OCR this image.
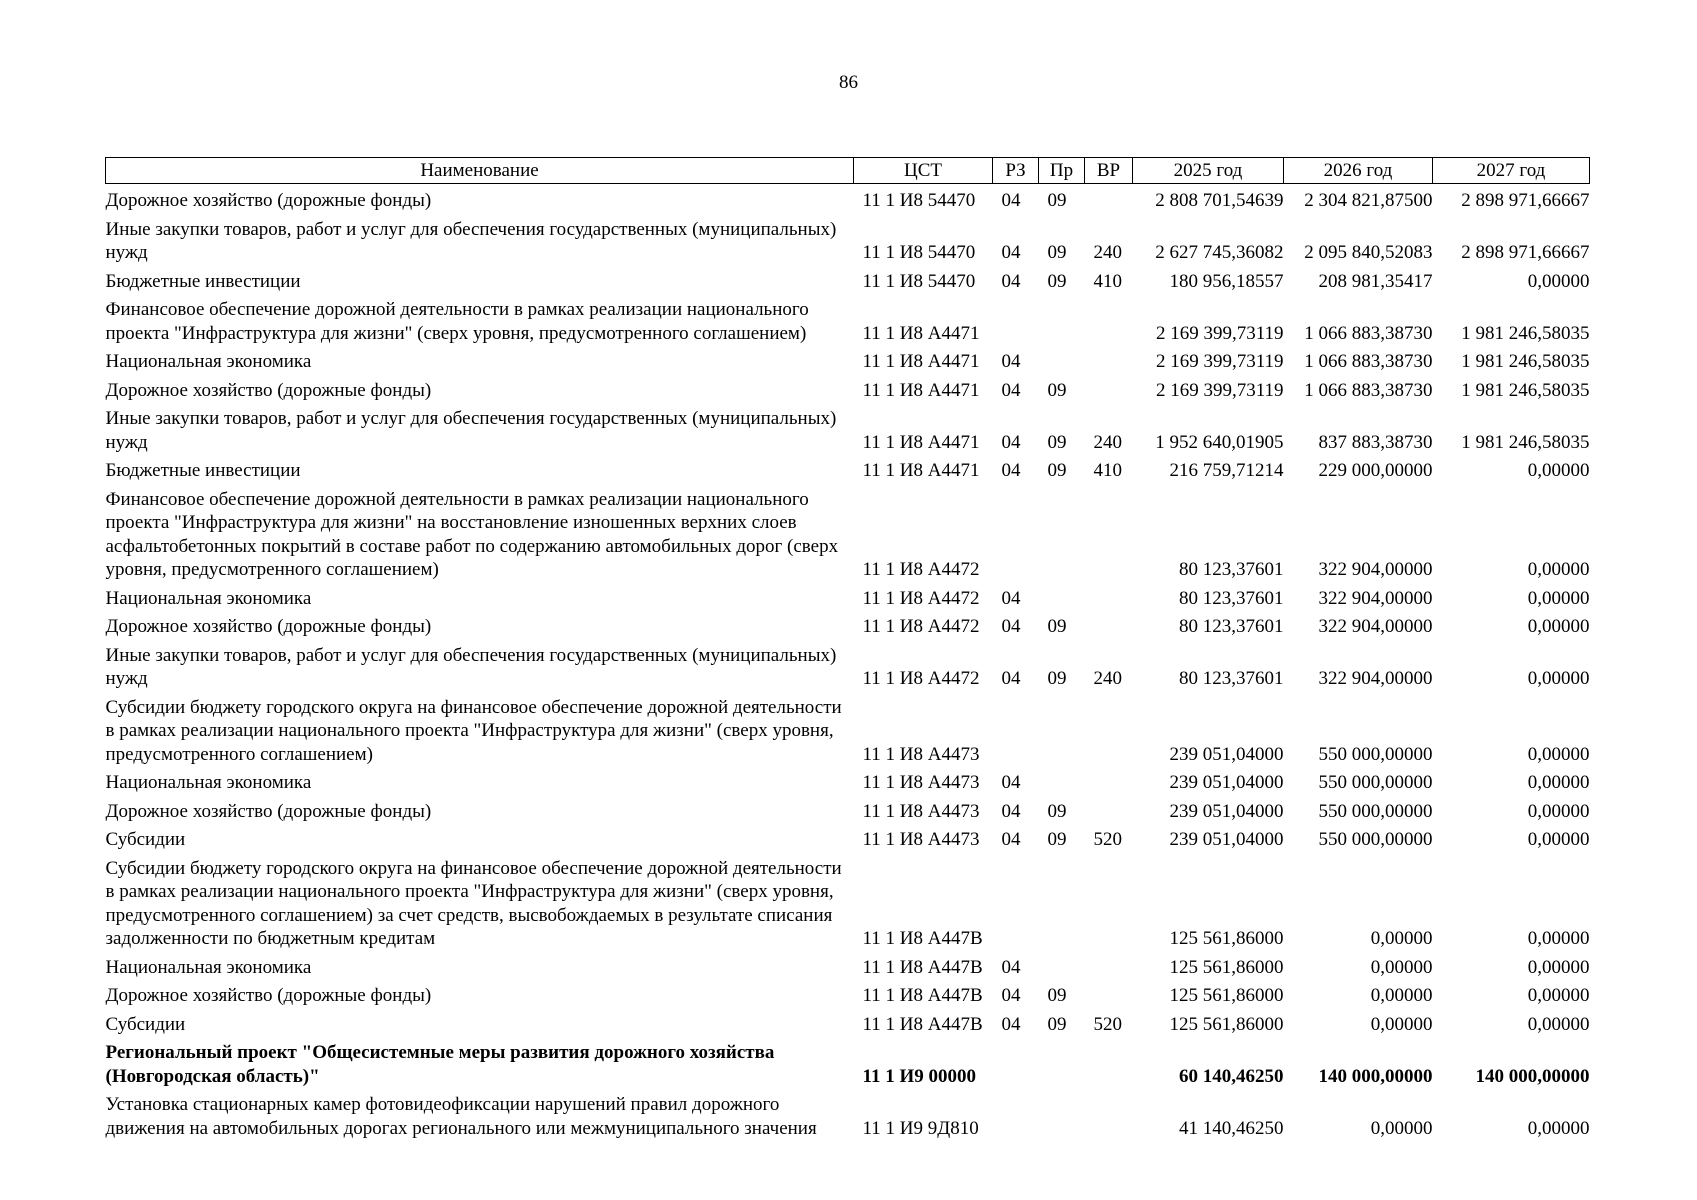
86
Наименование	ЦСТ	РЗ	Пр	ВР	2025 год	2026 год	2027 год
Дорожное хозяйство (дорожные фонды)	11 1 И8 54470	04	09		2 808 701,54639	2 304 821,87500	2 898 971,66667
Иные закупки товаров, работ и услуг для обеспечения государственных (муниципальных) нужд	11 1 И8 54470	04	09	240	2 627 745,36082	2 095 840,52083	2 898 971,66667
Бюджетные инвестиции	11 1 И8 54470	04	09	410	180 956,18557	208 981,35417	0,00000
Финансовое обеспечение дорожной деятельности в рамках реализации национального проекта "Инфраструктура для жизни" (сверх уровня, предусмотренного соглашением)	11 1 И8 А4471				2 169 399,73119	1 066 883,38730	1 981 246,58035
Национальная экономика	11 1 И8 А4471	04			2 169 399,73119	1 066 883,38730	1 981 246,58035
Дорожное хозяйство (дорожные фонды)	11 1 И8 А4471	04	09		2 169 399,73119	1 066 883,38730	1 981 246,58035
Иные закупки товаров, работ и услуг для обеспечения государственных (муниципальных) нужд	11 1 И8 А4471	04	09	240	1 952 640,01905	837 883,38730	1 981 246,58035
Бюджетные инвестиции	11 1 И8 А4471	04	09	410	216 759,71214	229 000,00000	0,00000
Финансовое обеспечение дорожной деятельности в рамках реализации национального проекта "Инфраструктура для жизни" на восстановление изношенных верхних слоев асфальтобетонных покрытий в составе работ по содержанию автомобильных дорог (сверх уровня, предусмотренного соглашением)	11 1 И8 А4472				80 123,37601	322 904,00000	0,00000
Национальная экономика	11 1 И8 А4472	04			80 123,37601	322 904,00000	0,00000
Дорожное хозяйство (дорожные фонды)	11 1 И8 А4472	04	09		80 123,37601	322 904,00000	0,00000
Иные закупки товаров, работ и услуг для обеспечения государственных (муниципальных) нужд	11 1 И8 А4472	04	09	240	80 123,37601	322 904,00000	0,00000
Субсидии бюджету городского округа на финансовое обеспечение дорожной деятельности в рамках реализации национального проекта "Инфраструктура для жизни" (сверх уровня, предусмотренного соглашением)	11 1 И8 А4473				239 051,04000	550 000,00000	0,00000
Национальная экономика	11 1 И8 А4473	04			239 051,04000	550 000,00000	0,00000
Дорожное хозяйство (дорожные фонды)	11 1 И8 А4473	04	09		239 051,04000	550 000,00000	0,00000
Субсидии	11 1 И8 А4473	04	09	520	239 051,04000	550 000,00000	0,00000
Субсидии бюджету городского округа на финансовое обеспечение дорожной деятельности в рамках реализации национального проекта "Инфраструктура для жизни" (сверх уровня, предусмотренного соглашением) за счет средств, высвобождаемых в результате списания задолженности по бюджетным кредитам	11 1 И8 А447В				125 561,86000	0,00000	0,00000
Национальная экономика	11 1 И8 А447В	04			125 561,86000	0,00000	0,00000
Дорожное хозяйство (дорожные фонды)	11 1 И8 А447В	04	09		125 561,86000	0,00000	0,00000
Субсидии	11 1 И8 А447В	04	09	520	125 561,86000	0,00000	0,00000
Региональный проект "Общесистемные меры развития дорожного хозяйства (Новгородская область)"	11 1 И9 00000				60 140,46250	140 000,00000	140 000,00000
Установка стационарных камер фотовидеофиксации нарушений правил дорожного движения на автомобильных дорогах регионального или межмуниципального значения	11 1 И9 9Д810				41 140,46250	0,00000	0,00000
